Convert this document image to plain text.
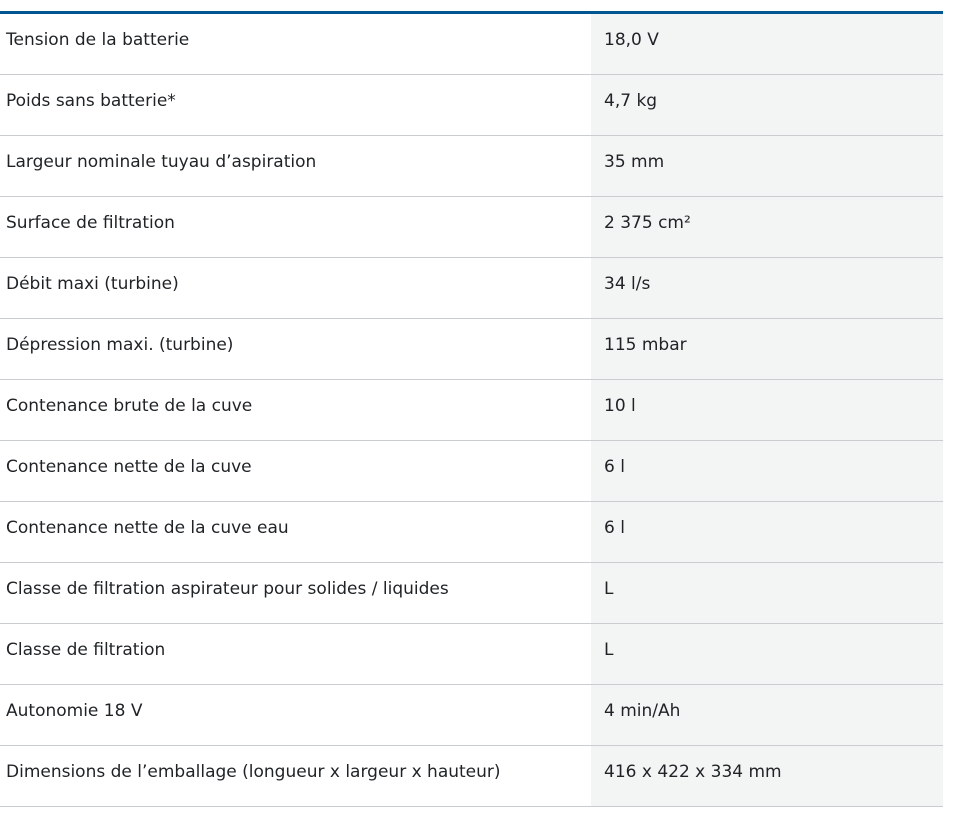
Tension de la batterie	18,0 V
Poids sans batterie*	4,7 kg
Largeur nominale tuyau d’aspiration	35 mm
Surface de filtration	2 375 cm²
Débit maxi (turbine)	34 l/s
Dépression maxi. (turbine)	115 mbar
Contenance brute de la cuve	10 l
Contenance nette de la cuve	6 l
Contenance nette de la cuve eau	6 l
Classe de filtration aspirateur pour solides / liquides	L
Classe de filtration	L
Autonomie 18 V	4 min/Ah
Dimensions de l’emballage (longueur x largeur x hauteur)	416 x 422 x 334 mm
